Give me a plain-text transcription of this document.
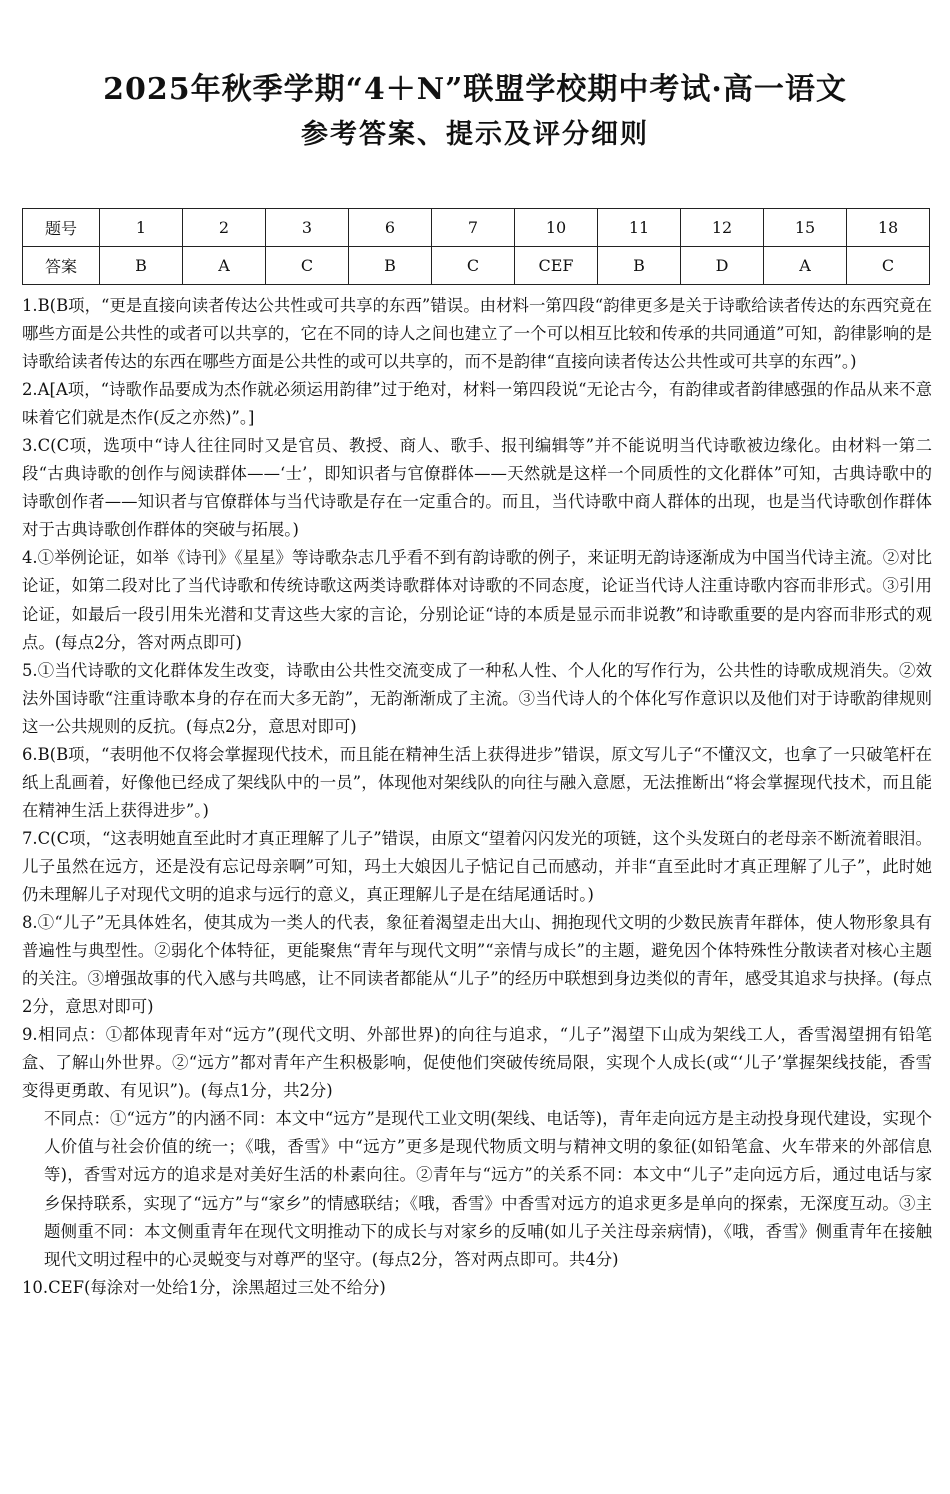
2025年秋季学期“4＋N”联盟学校期中考试·高一语文
参考答案、提示及评分细则
题号	1	2	3	6	7	10	11	12	15	18
答案	B	A	C	B	C	CEF	B	D	A	C

1.B(B项，“更是直接向读者传达公共性或可共享的东西”错误。由材料一第四段“韵律更多是关于诗歌给读者传达的东西究竟在哪些方面是公共性的或者可以共享的，它在不同的诗人之间也建立了一个可以相互比较和传承的共同通道”可知，韵律影响的是诗歌给读者传达的东西在哪些方面是公共性的或可以共享的，而不是韵律“直接向读者传达公共性或可共享的东西”。)

2.A[A项，“诗歌作品要成为杰作就必须运用韵律”过于绝对，材料一第四段说“无论古今，有韵律或者韵律感强的作品从来不意味着它们就是杰作(反之亦然)”。]

3.C(C项，选项中“诗人往往同时又是官员、教授、商人、歌手、报刊编辑等”并不能说明当代诗歌被边缘化。由材料一第二段“古典诗歌的创作与阅读群体——‘士’，即知识者与官僚群体——天然就是这样一个同质性的文化群体”可知，古典诗歌中的诗歌创作者——知识者与官僚群体与当代诗歌是存在一定重合的。而且，当代诗歌中商人群体的出现，也是当代诗歌创作群体对于古典诗歌创作群体的突破与拓展。)

4.①举例论证，如举《诗刊》《星星》等诗歌杂志几乎看不到有韵诗歌的例子，来证明无韵诗逐渐成为中国当代诗主流。②对比论证，如第二段对比了当代诗歌和传统诗歌这两类诗歌群体对诗歌的不同态度，论证当代诗人注重诗歌内容而非形式。③引用论证，如最后一段引用朱光潜和艾青这些大家的言论，分别论证“诗的本质是显示而非说教”和诗歌重要的是内容而非形式的观点。(每点2分，答对两点即可)

5.①当代诗歌的文化群体发生改变，诗歌由公共性交流变成了一种私人性、个人化的写作行为，公共性的诗歌成规消失。②效法外国诗歌“注重诗歌本身的存在而大多无韵”，无韵渐渐成了主流。③当代诗人的个体化写作意识以及他们对于诗歌韵律规则这一公共规则的反抗。(每点2分，意思对即可)

6.B(B项，“表明他不仅将会掌握现代技术，而且能在精神生活上获得进步”错误，原文写儿子“不懂汉文，也拿了一只破笔杆在纸上乱画着，好像他已经成了架线队中的一员”，体现他对架线队的向往与融入意愿，无法推断出“将会掌握现代技术，而且能在精神生活上获得进步”。)

7.C(C项，“这表明她直至此时才真正理解了儿子”错误，由原文“望着闪闪发光的项链，这个头发斑白的老母亲不断流着眼泪。儿子虽然在远方，还是没有忘记母亲啊”可知，玛土大娘因儿子惦记自己而感动，并非“直至此时才真正理解了儿子”，此时她仍未理解儿子对现代文明的追求与远行的意义，真正理解儿子是在结尾通话时。)

8.①“儿子”无具体姓名，使其成为一类人的代表，象征着渴望走出大山、拥抱现代文明的少数民族青年群体，使人物形象具有普遍性与典型性。②弱化个体特征，更能聚焦“青年与现代文明”“亲情与成长”的主题，避免因个体特殊性分散读者对核心主题的关注。③增强故事的代入感与共鸣感，让不同读者都能从“儿子”的经历中联想到身边类似的青年，感受其追求与抉择。(每点2分，意思对即可)

9.相同点：①都体现青年对“远方”(现代文明、外部世界)的向往与追求，“儿子”渴望下山成为架线工人，香雪渴望拥有铅笔盒、了解山外世界。②“远方”都对青年产生积极影响，促使他们突破传统局限，实现个人成长(或“‘儿子’掌握架线技能，香雪变得更勇敢、有见识”)。(每点1分，共2分)

不同点：①“远方”的内涵不同：本文中“远方”是现代工业文明(架线、电话等)，青年走向远方是主动投身现代建设，实现个人价值与社会价值的统一；《哦，香雪》中“远方”更多是现代物质文明与精神文明的象征(如铅笔盒、火车带来的外部信息等)，香雪对远方的追求是对美好生活的朴素向往。②青年与“远方”的关系不同：本文中“儿子”走向远方后，通过电话与家乡保持联系，实现了“远方”与“家乡”的情感联结；《哦，香雪》中香雪对远方的追求更多是单向的探索，无深度互动。③主题侧重不同：本文侧重青年在现代文明推动下的成长与对家乡的反哺(如儿子关注母亲病情)，《哦，香雪》侧重青年在接触现代文明过程中的心灵蜕变与对尊严的坚守。(每点2分，答对两点即可。共4分)

10.CEF(每涂对一处给1分，涂黑超过三处不给分)
